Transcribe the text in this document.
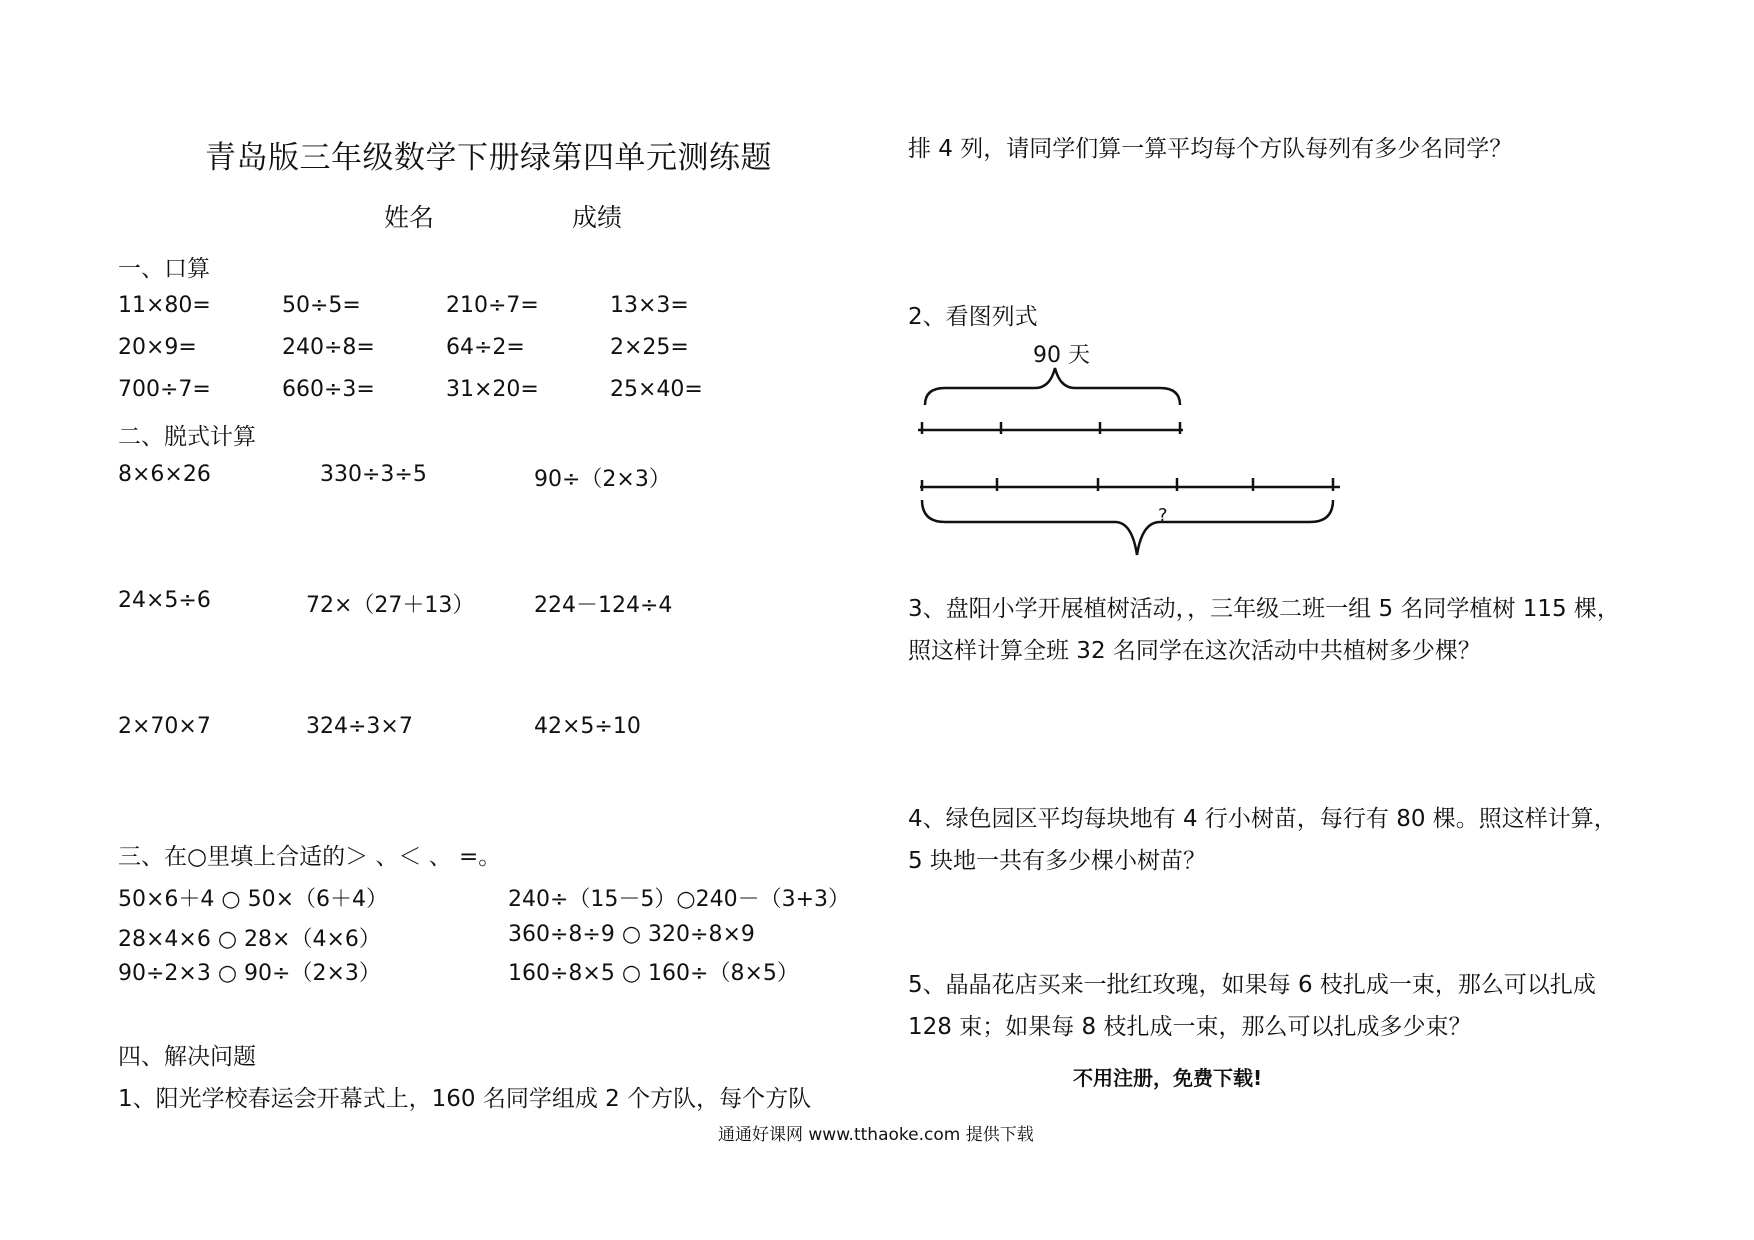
青岛版三年级数学下册绿第四单元测练题
姓名	成绩
一、口算
11×80=	50÷5=	210÷7=	13×3=
20×9=	240÷8=	64÷2=	2×25=
700÷7=	660÷3=	31×20=	25×40=
二、脱式计算
8×6×26	330÷3÷5	90÷（2×3）
24×5÷6	72×（27＋13）	224－124÷4
2×70×7	324÷3×7	42×5÷10
三、在○里填上合适的＞ 、＜ 、 =。
50×6＋4 ○ 50×（6＋4）	240÷（15－5）○240－（3+3）
28×4×6 ○ 28×（4×6）	360÷8÷9 ○ 320÷8×9
90÷2×3 ○ 90÷（2×3）	160÷8×5 ○ 160÷（8×5）
四、解决问题
1、阳光学校春运会开幕式上，160 名同学组成 2 个方队，每个方队
排 4 列，请同学们算一算平均每个方队每列有多少名同学？
2、看图列式
90 天
?
3、盘阳小学开展植树活动，，三年级二班一组 5 名同学植树 115 棵，
照这样计算全班 32 名同学在这次活动中共植树多少棵？
4、绿色园区平均每块地有 4 行小树苗，每行有 80 棵。照这样计算，
5 块地一共有多少棵小树苗？
5、晶晶花店买来一批红玫瑰，如果每 6 枝扎成一束，那么可以扎成
128 束；如果每 8 枝扎成一束，那么可以扎成多少束？
不用注册，免费下载!
通通好课网 www.tthaoke.com 提供下载
